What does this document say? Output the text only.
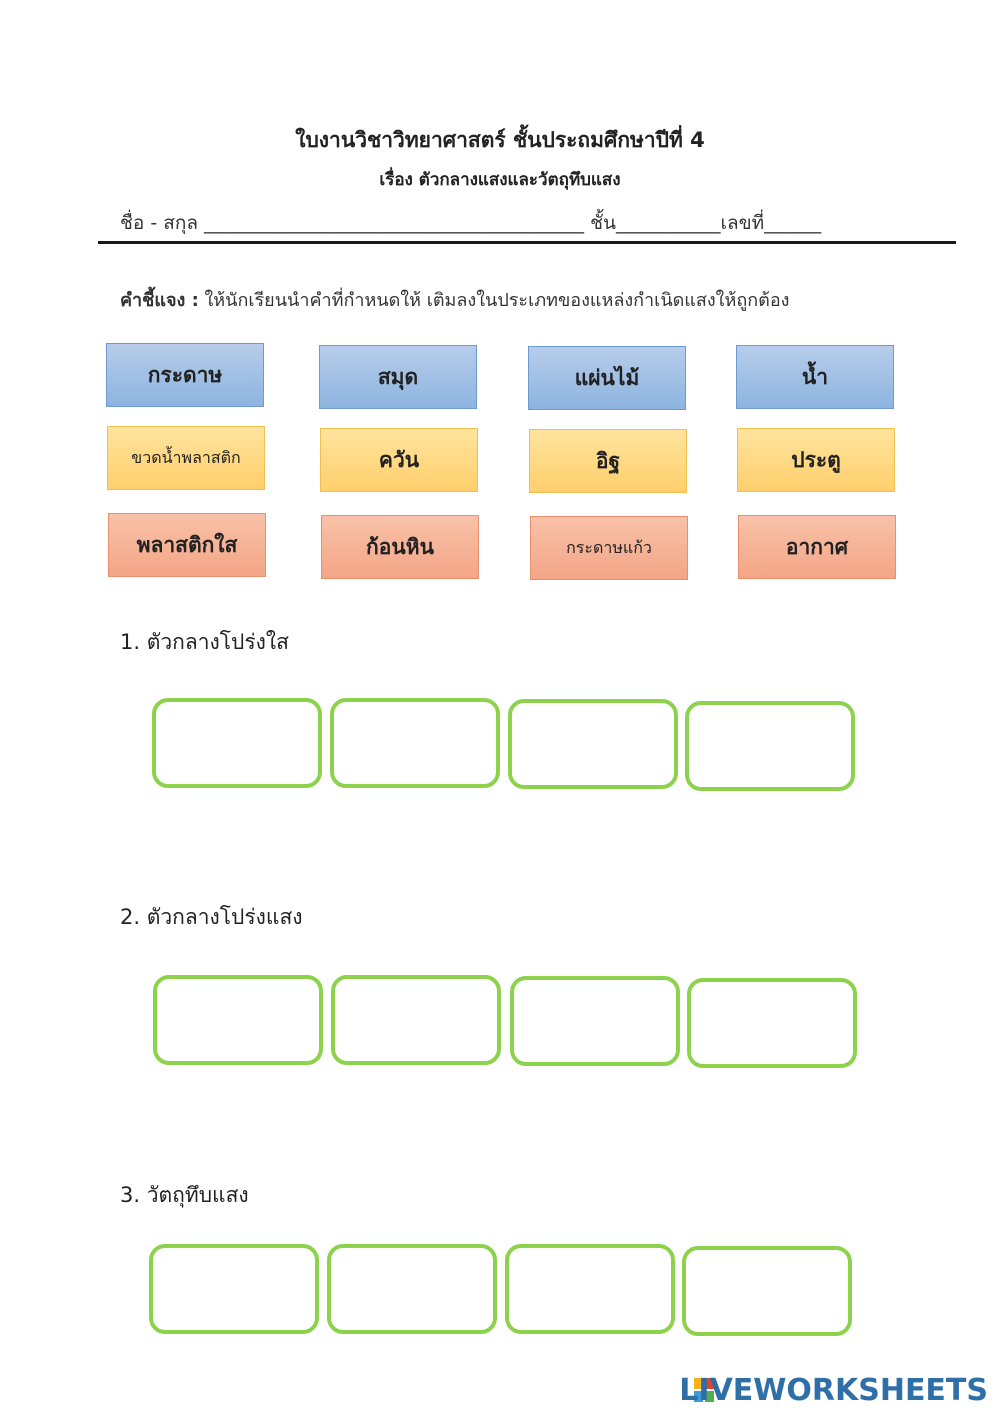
ใบงานวิชาวิทยาศาสตร์ ชั้นประถมศึกษาปีที่ 4
เรื่อง ตัวกลางแสงและวัตถุทึบแสง
ชื่อ - สกุล ________________________________________ ชั้น___________เลขที่______
คำชี้แจง : ให้นักเรียนนำคำที่กำหนดให้ เติมลงในประเภทของแหล่งกำเนิดแสงให้ถูกต้อง
กระดาษ	สมุด	แผ่นไม้	น้ำ
ขวดน้ำพลาสติก	ควัน	อิฐ	ประตู
พลาสติกใส	ก้อนหิน	กระดาษแก้ว	อากาศ
1. ตัวกลางโปร่งใส
2. ตัวกลางโปร่งแสง
3. วัตถุทึบแสง
LIVEWORKSHEETS
